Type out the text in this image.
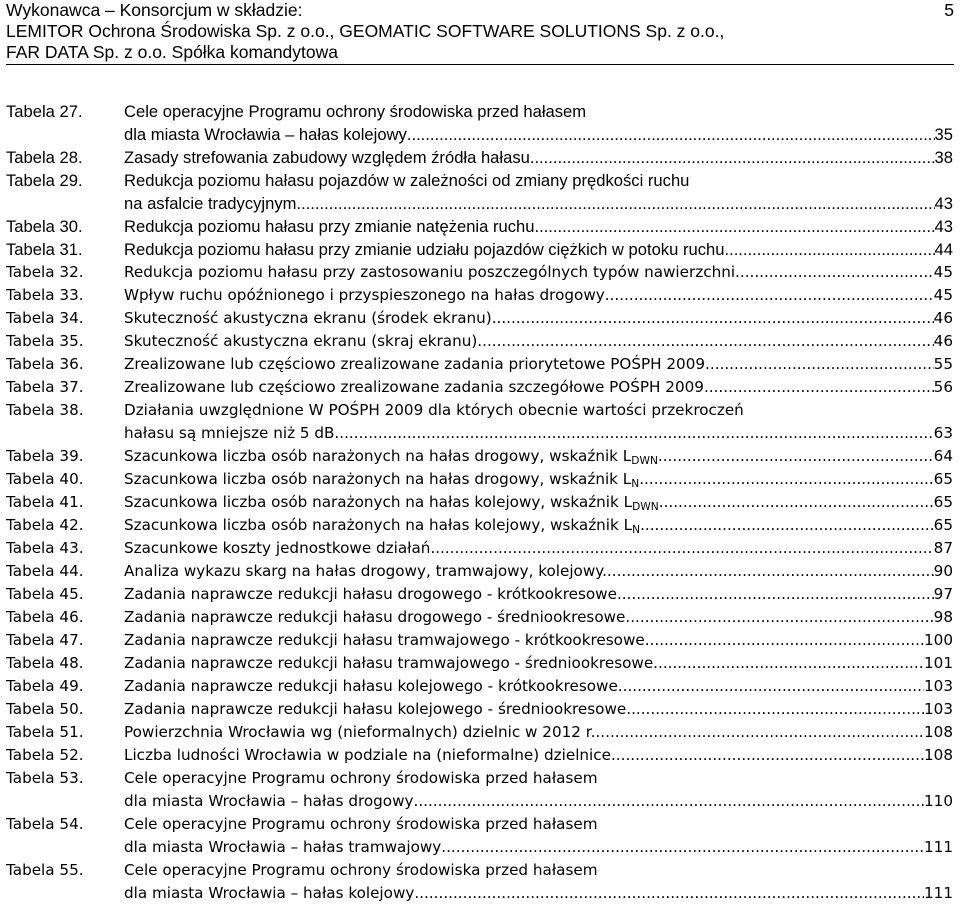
Wykonawca – Konsorcjum w składzie:
LEMITOR Ochrona Środowiska Sp. z o.o., GEOMATIC SOFTWARE SOLUTIONS Sp. z o.o.,
FAR DATA Sp. z o.o. Spółka komandytowa
5
Tabela 27.	Cele operacyjne Programu ochrony środowiska przed hałasem
dla miasta Wrocławia – hałas kolejowy .....	35
Tabela 28.	Zasady strefowania zabudowy względem źródła hałasu .....	38
Tabela 29.	Redukcja poziomu hałasu pojazdów w zależności od zmiany prędkości ruchu
na asfalcie tradycyjnym .....	43
Tabela 30.	Redukcja poziomu hałasu przy zmianie natężenia ruchu .....	43
Tabela 31.	Redukcja poziomu hałasu przy zmianie udziału pojazdów ciężkich w potoku ruchu .....	44
Tabela 32.	Redukcja poziomu hałasu przy zastosowaniu poszczególnych typów nawierzchni .....	45
Tabela 33.	Wpływ ruchu opóźnionego i przyspieszonego na hałas drogowy .....	45
Tabela 34.	Skuteczność akustyczna ekranu (środek ekranu) .....	46
Tabela 35.	Skuteczność akustyczna ekranu (skraj ekranu) .....	46
Tabela 36.	Zrealizowane lub częściowo zrealizowane zadania priorytetowe POŚPH 2009 .....	55
Tabela 37.	Zrealizowane lub częściowo zrealizowane zadania szczegółowe POŚPH 2009 .....	56
Tabela 38.	Działania uwzględnione W POŚPH 2009 dla których obecnie wartości przekroczeń
hałasu są mniejsze niż 5 dB. .....	63
Tabela 39.	Szacunkowa liczba osób narażonych na hałas drogowy, wskaźnik $L_{DWN}$ .....	64
Tabela 40.	Szacunkowa liczba osób narażonych na hałas drogowy, wskaźnik $L_N$ .....	65
Tabela 41.	Szacunkowa liczba osób narażonych na hałas kolejowy, wskaźnik $L_{DWN}$ .....	65
Tabela 42.	Szacunkowa liczba osób narażonych na hałas kolejowy, wskaźnik $L_N$ .....	65
Tabela 43.	Szacunkowe koszty jednostkowe działań. .....	87
Tabela 44.	Analiza wykazu skarg na hałas drogowy, tramwajowy, kolejowy. .....	90
Tabela 45.	Zadania naprawcze redukcji hałasu drogowego - krótkookresowe. .....	97
Tabela 46.	Zadania naprawcze redukcji hałasu drogowego - średniookresowe. .....	98
Tabela 47.	Zadania naprawcze redukcji hałasu tramwajowego - krótkookresowe. .....	100
Tabela 48.	Zadania naprawcze redukcji hałasu tramwajowego - średniookresowe. .....	101
Tabela 49.	Zadania naprawcze redukcji hałasu kolejowego - krótkookresowe. .....	103
Tabela 50.	Zadania naprawcze redukcji hałasu kolejowego - średniookresowe. .....	103
Tabela 51.	Powierzchnia Wrocławia wg (nieformalnych) dzielnic w 2012 r. .....	108
Tabela 52.	Liczba ludności Wrocławia w podziale na (nieformalne) dzielnice. .....	108
Tabela 53.	Cele operacyjne Programu ochrony środowiska przed hałasem
dla miasta Wrocławia – hałas drogowy .....	110
Tabela 54.	Cele operacyjne Programu ochrony środowiska przed hałasem
dla miasta Wrocławia – hałas tramwajowy .....	111
Tabela 55.	Cele operacyjne Programu ochrony środowiska przed hałasem
dla miasta Wrocławia – hałas kolejowy .....	111
